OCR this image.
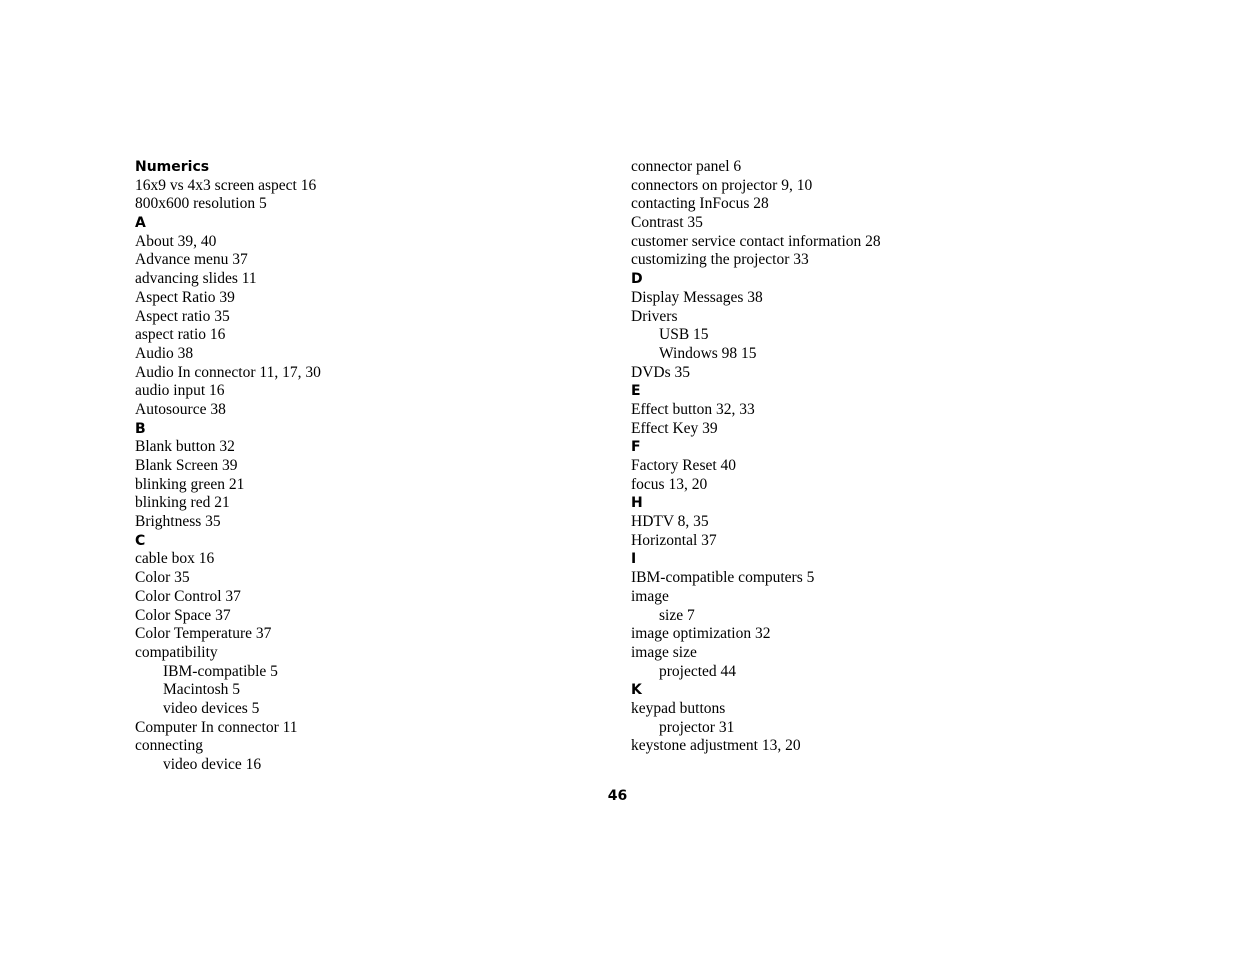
Numerics
16x9 vs 4x3 screen aspect 16
800x600 resolution 5
A
About 39, 40
Advance menu 37
advancing slides 11
Aspect Ratio 39
Aspect ratio 35
aspect ratio 16
Audio 38
Audio In connector 11, 17, 30
audio input 16
Autosource 38
B
Blank button 32
Blank Screen 39
blinking green 21
blinking red 21
Brightness 35
C
cable box 16
Color 35
Color Control 37
Color Space 37
Color Temperature 37
compatibility
IBM-compatible 5
Macintosh 5
video devices 5
Computer In connector 11
connecting
video device 16
connector panel 6
connectors on projector 9, 10
contacting InFocus 28
Contrast 35
customer service contact information 28
customizing the projector 33
D
Display Messages 38
Drivers
USB 15
Windows 98 15
DVDs 35
E
Effect button 32, 33
Effect Key 39
F
Factory Reset 40
focus 13, 20
H
HDTV 8, 35
Horizontal 37
I
IBM-compatible computers 5
image
size 7
image optimization 32
image size
projected 44
K
keypad buttons
projector 31
keystone adjustment 13, 20
46
